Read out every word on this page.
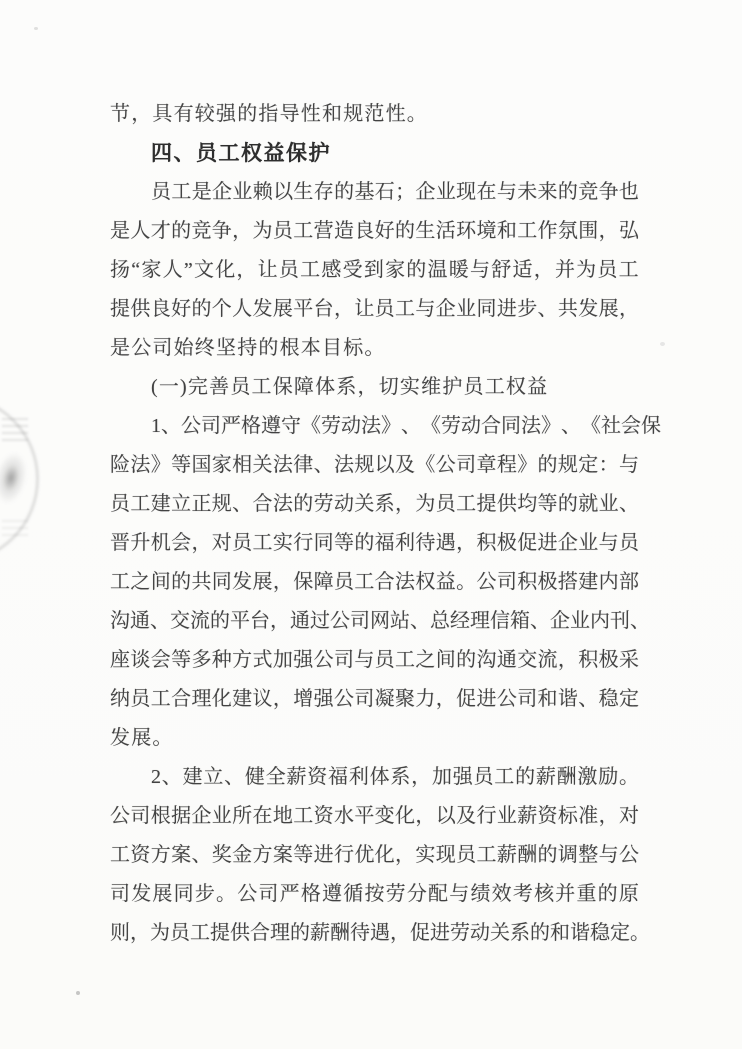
节，具有较强的指导性和规范性。
四、员工权益保护
员 工 是 企 业 赖 以 生 存 的 基 石 ； 企 业 现 在 与 未 来 的 竞 争 也
是 人 才 的 竞 争 ， 为 员 工 营 造 良 好 的 生 活 环 境 和 工 作 氛 围 ， 弘
扬 “ 家 人 ” 文 化 ， 让 员 工 感 受 到 家 的 温 暖 与 舒 适 ， 并 为 员 工
提 供 良 好 的 个 人 发 展 平 台 ， 让 员 工 与 企 业 同 进 步 、 共 发 展 ，
是公司始终坚持的根本目标。
(一)完善员工保障体系，切实维护员工权益
1 、 公 司 严 格 遵 守 《 劳 动 法 》 、 《 劳 动 合 同 法 》 、 《 社 会 保
险 法 》 等 国 家 相 关 法 律 、 法 规 以 及 《 公 司 章 程 》 的 规 定 ： 与
员 工 建 立 正 规 、 合 法 的 劳 动 关 系 ， 为 员 工 提 供 均 等 的 就 业 、
晋 升 机 会 ， 对 员 工 实 行 同 等 的 福 利 待 遇 ， 积 极 促 进 企 业 与 员
工 之 间 的 共 同 发 展 ， 保 障 员 工 合 法 权 益 。 公 司 积 极 搭 建 内 部
沟 通 、 交 流 的 平 台 ， 通 过 公 司 网 站 、 总 经 理 信 箱 、 企 业 内 刊 、
座 谈 会 等 多 种 方 式 加 强 公 司 与 员 工 之 间 的 沟 通 交 流 ， 积 极 采
纳 员 工 合 理 化 建 议 ， 增 强 公 司 凝 聚 力 ， 促 进 公 司 和 谐 、 稳 定
发展。
2 、 建 立 、 健 全 薪 资 福 利 体 系 ， 加 强 员 工 的 薪 酬 激 励 。
公 司 根 据 企 业 所 在 地 工 资 水 平 变 化 ， 以 及 行 业 薪 资 标 准 ， 对
工 资 方 案 、 奖 金 方 案 等 进 行 优 化 ， 实 现 员 工 薪 酬 的 调 整 与 公
司 发 展 同 步 。 公 司 严 格 遵 循 按 劳 分 配 与 绩 效 考 核 并 重 的 原
则 ， 为 员 工 提 供 合 理 的 薪 酬 待 遇 ， 促 进 劳 动 关 系 的 和 谐 稳 定 。
